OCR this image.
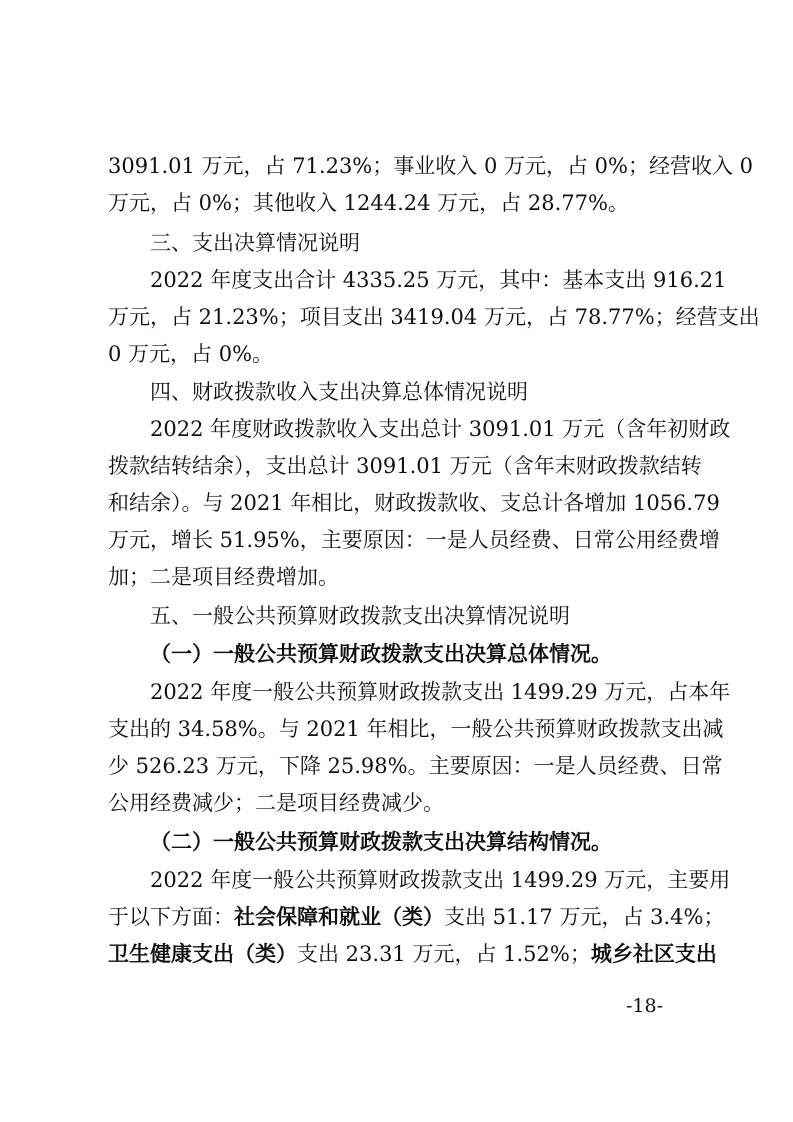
3091.01 万元，占 71.23%；事业收入 0 万元，占 0%；经营收入 0
万元，占 0%；其他收入 1244.24 万元，占 28.77%。
三、支出决算情况说明
2022 年度支出合计 4335.25 万元，其中：基本支出 916.21
万元，占 21.23%；项目支出 3419.04 万元，占 78.77%；经营支出
0 万元，占 0%。
四、财政拨款收入支出决算总体情况说明
2022 年度财政拨款收入支出总计 3091.01 万元（含年初财政
拨款结转结余），支出总计 3091.01 万元（含年末财政拨款结转
和结余）。与 2021 年相比，财政拨款收、支总计各增加 1056.79
万元，增长 51.95%，主要原因：一是人员经费、日常公用经费增
加；二是项目经费增加。
五、一般公共预算财政拨款支出决算情况说明
（一）一般公共预算财政拨款支出决算总体情况。
2022 年度一般公共预算财政拨款支出 1499.29 万元，占本年
支出的 34.58%。与 2021 年相比，一般公共预算财政拨款支出减
少 526.23 万元，下降 25.98%。主要原因：一是人员经费、日常
公用经费减少；二是项目经费减少。
（二）一般公共预算财政拨款支出决算结构情况。
2022 年度一般公共预算财政拨款支出 1499.29 万元，主要用
于以下方面：社会保障和就业（类）支出 51.17 万元，占 3.4%；
卫生健康支出（类）支出 23.31 万元，占 1.52%；城乡社区支出
-18-
